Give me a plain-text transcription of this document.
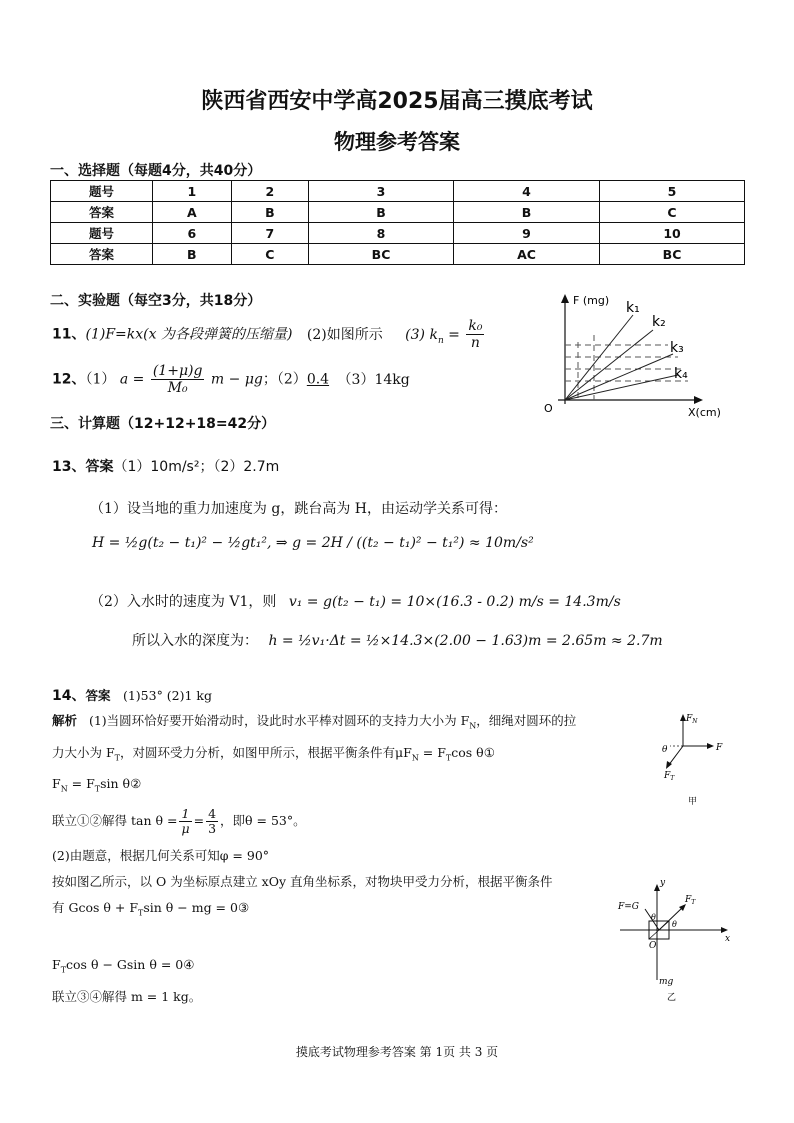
陕西省西安中学高2025届高三摸底考试
物理参考答案
一、选择题（每题4分，共40分）
题号	1	2	3	4	5
答案	A	B	B	B	C
题号	6	7	8	9	10
答案	B	C	BC	AC	BC
二、实验题（每空3分，共18分）
11、(1)F=kx(x 为各段弹簧的压缩量) (2)如图所示 (3) $k_n = \frac{\text{k₀}}{n}$
12、（1） $a = \frac{(1+\mu)g}{\text{M₀}}$ m − μg；（2）0.4 （3）14kg
F (mg)
X(cm)
O
k₁
k₂
k₃
k₄
三、计算题（12+12+18=42分）
13、答案（1）10m/s²；（2）2.7m
（1）设当地的重力加速度为 g，跳台高为 H，由运动学关系可得：
H = ½g(t₂ − t₁)² − ½gt₁², ⇒ g = 2H / ((t₂ − t₁)² − t₁²) ≈ 10m/s²
（2）入水时的速度为 V1，则 v₁ = g(t₂ − t₁) = 10×(16.3 - 0.2) m/s = 14.3m/s
所以入水的深度为： h = ½v₁·Δt = ½×14.3×(2.00 − 1.63)m = 2.65m ≈ 2.7m
14、答案 (1)53° (2)1 kg
解析 (1)当圆环恰好要开始滑动时，设此时水平棒对圆环的支持力大小为 $F_N$，细绳对圆环的拉
力大小为 $F_T$，对圆环受力分析，如图甲所示，根据平衡条件有$\mu F_N = F_T\cos$ θ①
$F_N = F_T\sin$ θ②
联立①②解得 $\tan \theta = \frac{1}{\mu} = \frac{4}{3}$ ，即θ = 53°。
(2)由题意，根据几何关系可知φ = 90°
按如图乙所示，以 O 为坐标原点建立 xOy 直角坐标系，对物块甲受力分析，根据平衡条件
有 Gcos $\theta + F_T\sin$ θ − mg = 0③
$F_T\cos$ θ − Gsin θ = 0④
联立③④解得 m = 1 kg。
$F_N$
F
$F_T$
θ
甲
y
x
F=G
$F_T$
θ
θ
O
mg
乙
摸底考试物理参考答案 第 1页 共 3 页
